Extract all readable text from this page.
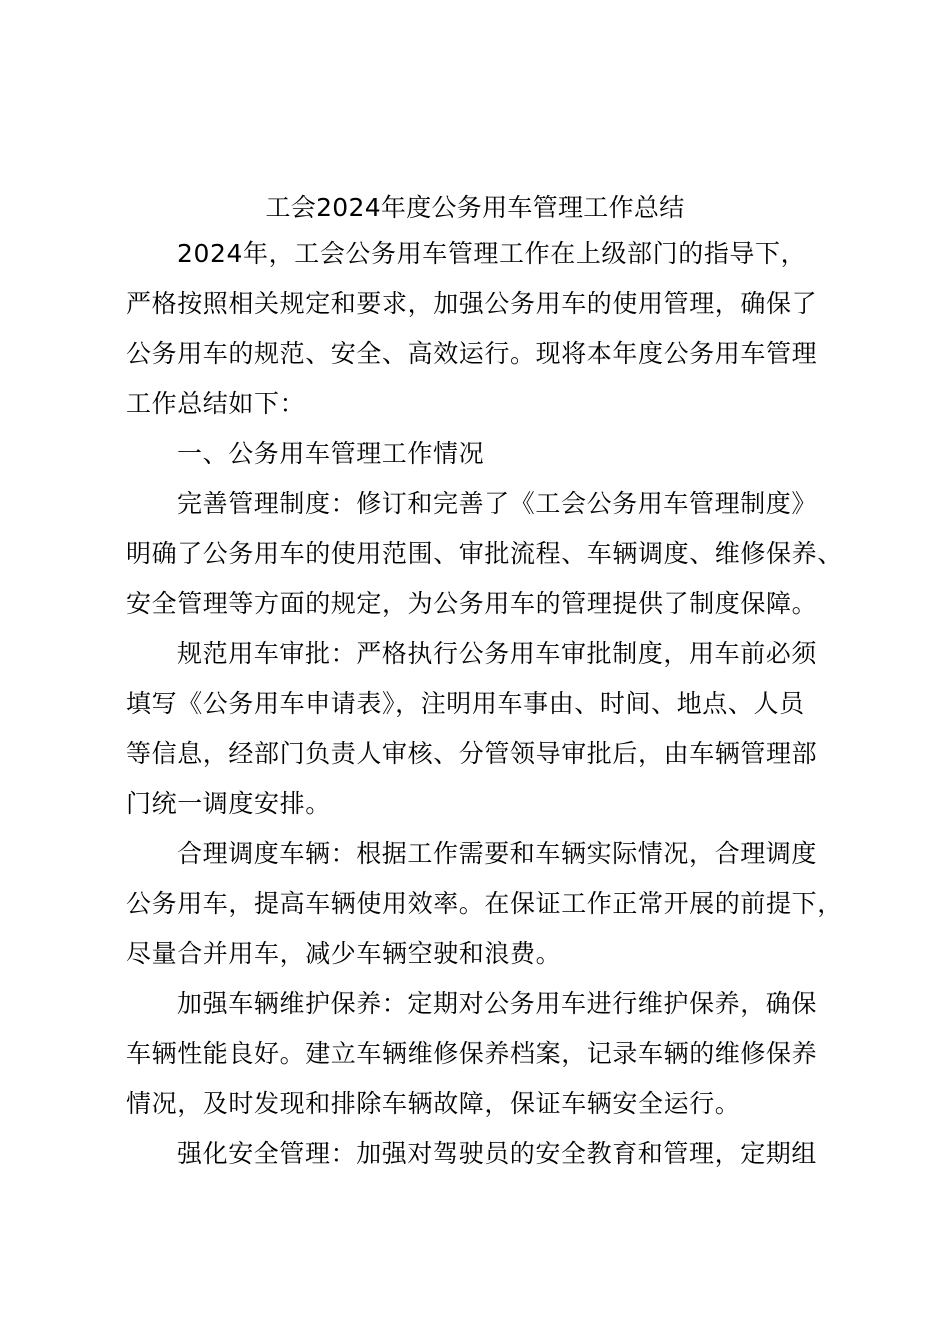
工会2024年度公务用车管理工作总结
2024年，工会公务用车管理工作在上级部门的指导下，
严格按照相关规定和要求，加强公务用车的使用管理，确保了
公务用车的规范、安全、高效运行。现将本年度公务用车管理
工作总结如下：
一、公务用车管理工作情况
完善管理制度：修订和完善了《工会公务用车管理制度》
明确了公务用车的使用范围、审批流程、车辆调度、维修保养、
安全管理等方面的规定，为公务用车的管理提供了制度保障。
规范用车审批：严格执行公务用车审批制度，用车前必须
填写《公务用车申请表》，注明用车事由、时间、地点、人员
等信息，经部门负责人审核、分管领导审批后，由车辆管理部
门统一调度安排。
合理调度车辆：根据工作需要和车辆实际情况，合理调度
公务用车，提高车辆使用效率。在保证工作正常开展的前提下，
尽量合并用车，减少车辆空驶和浪费。
加强车辆维护保养：定期对公务用车进行维护保养，确保
车辆性能良好。建立车辆维修保养档案，记录车辆的维修保养
情况，及时发现和排除车辆故障，保证车辆安全运行。
强化安全管理：加强对驾驶员的安全教育和管理，定期组
